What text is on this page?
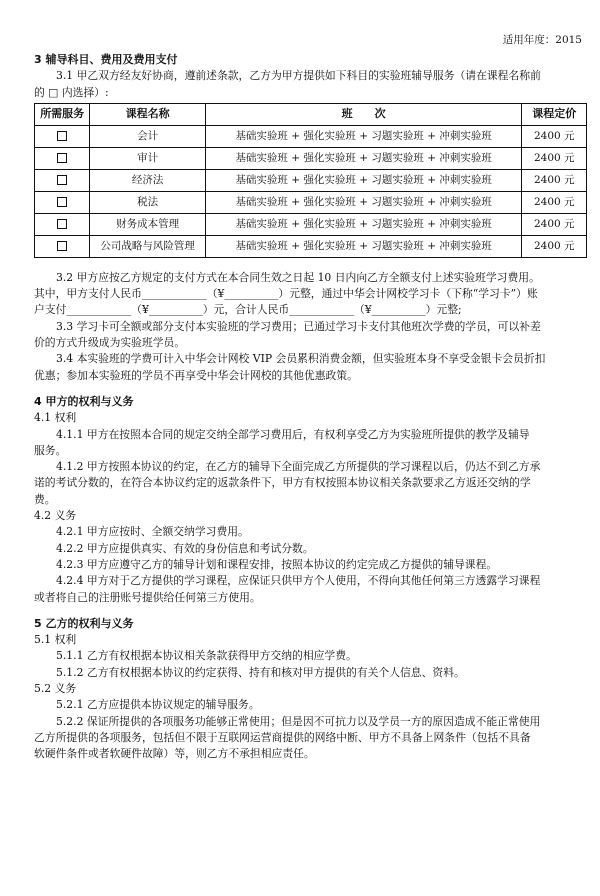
适用年度：2015
3 辅导科目、费用及费用支付

3.1 甲乙双方经友好协商，遵前述条款，乙方为甲方提供如下科目的实验班辅导服务（请在课程名称前

的 □ 内选择）:

所需服务	课程名称	班　　次	课程定价
	会计	基础实验班 + 强化实验班 + 习题实验班 + 冲刺实验班	2400 元
	审计	基础实验班 + 强化实验班 + 习题实验班 + 冲刺实验班	2400 元
	经济法	基础实验班 + 强化实验班 + 习题实验班 + 冲刺实验班	2400 元
	税法	基础实验班 + 强化实验班 + 习题实验班 + 冲刺实验班	2400 元
	财务成本管理	基础实验班 + 强化实验班 + 习题实验班 + 冲刺实验班	2400 元
	公司战略与风险管理	基础实验班 + 强化实验班 + 习题实验班 + 冲刺实验班	2400 元

3.2 甲方应按乙方规定的支付方式在本合同生效之日起 10 日内向乙方全额支付上述实验班学习费用。

其中，甲方支付人民币____________（¥__________）元整，通过中华会计网校学习卡（下称“学习卡”）账

户支付____________（¥__________）元，合计人民币____________（¥__________）元整;

3.3 学习卡可全额或部分支付本实验班的学习费用；已通过学习卡支付其他班次学费的学员，可以补差

价的方式升级成为实验班学员。

3.4 本实验班的学费可计入中华会计网校 VIP 会员累积消费金额，但实验班本身不享受金银卡会员折扣

优惠；参加本实验班的学员不再享受中华会计网校的其他优惠政策。

4 甲方的权利与义务

4.1 权利

4.1.1 甲方在按照本合同的规定交纳全部学习费用后，有权利享受乙方为实验班所提供的教学及辅导

服务。

4.1.2 甲方按照本协议的约定，在乙方的辅导下全面完成乙方所提供的学习课程以后，仍达不到乙方承

诺的考试分数的，在符合本协议约定的返款条件下，甲方有权按照本协议相关条款要求乙方返还交纳的学

费。

4.2 义务

4.2.1 甲方应按时、全额交纳学习费用。

4.2.2 甲方应提供真实、有效的身份信息和考试分数。

4.2.3 甲方应遵守乙方的辅导计划和课程安排，按照本协议的约定完成乙方提供的辅导课程。

4.2.4 甲方对于乙方提供的学习课程，应保证只供甲方个人使用，不得向其他任何第三方透露学习课程

或者将自己的注册账号提供给任何第三方使用。

5 乙方的权利与义务

5.1 权利

5.1.1 乙方有权根据本协议相关条款获得甲方交纳的相应学费。

5.1.2 乙方有权根据本协议的约定获得、持有和核对甲方提供的有关个人信息、资料。

5.2 义务

5.2.1 乙方应提供本协议规定的辅导服务。

5.2.2 保证所提供的各项服务功能够正常使用；但是因不可抗力以及学员一方的原因造成不能正常使用

乙方所提供的各项服务，包括但不限于互联网运营商提供的网络中断、甲方不具备上网条件（包括不具备

软硬件条件或者软硬件故障）等，则乙方不承担相应责任。
